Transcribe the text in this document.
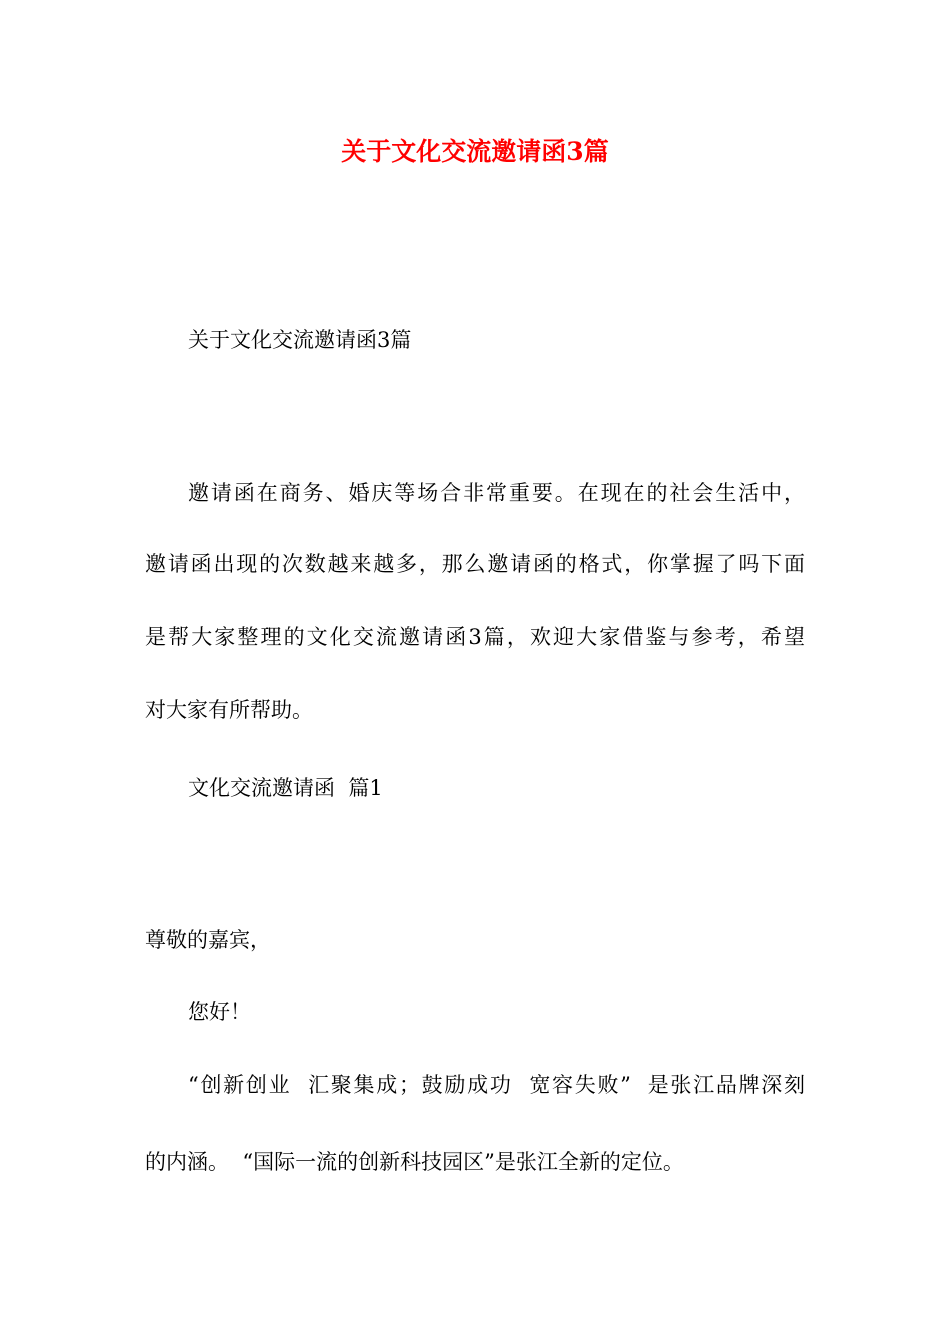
关于文化交流邀请函3篇
关于文化交流邀请函3篇
邀请函在商务、婚庆等场合非常重要。在现在的社会生活中，
邀请函出现的次数越来越多，那么邀请函的格式，你掌握了吗下面
是帮大家整理的文化交流邀请函3篇，欢迎大家借鉴与参考，希望
对大家有所帮助。
文化交流邀请函  篇1
尊敬的嘉宾，
您好！
“创新创业  汇聚集成；鼓励成功  宽容失败”  是张江品牌深刻
的内涵。  “国际一流的创新科技园区”是张江全新的定位。
